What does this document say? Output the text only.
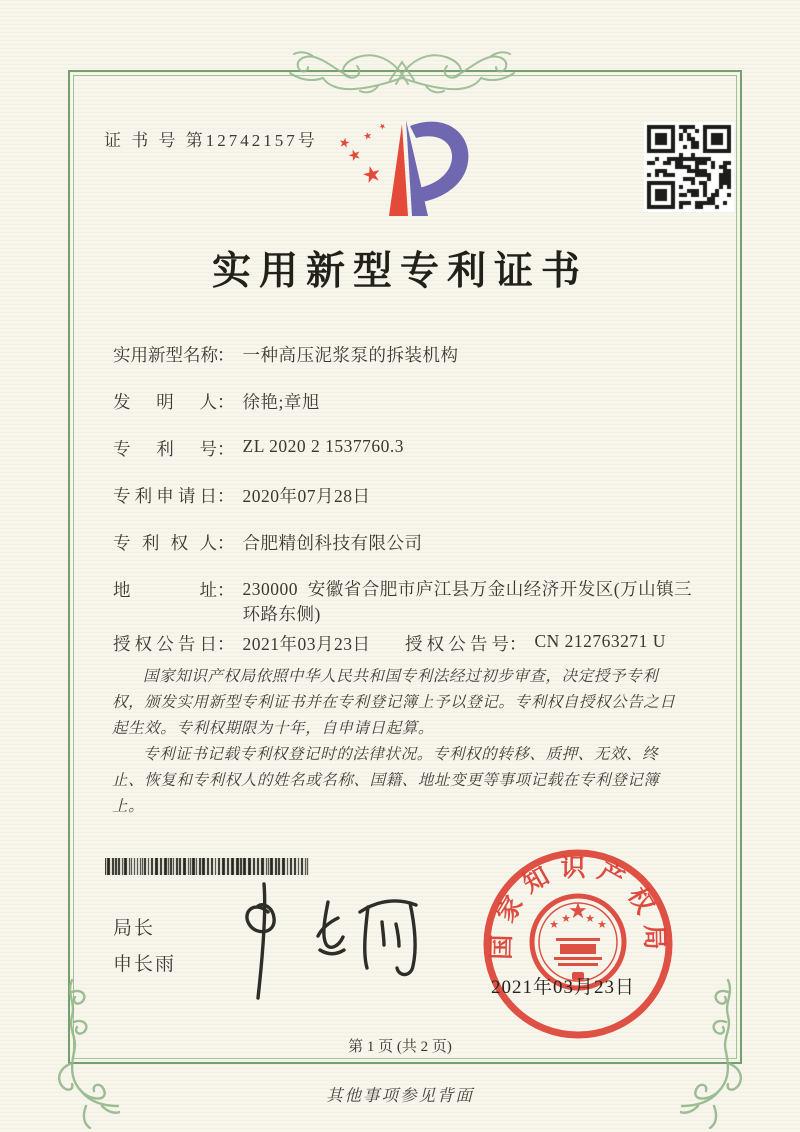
证 书 号 第12742157号
★
★
★ ★
★
实用新型专利证书
实用新型名称： 一种高压泥浆泵的拆装机构
发明人： 徐艳;章旭
专利号： ZL 2020 2 1537760.3
专利申请日： 2020年07月28日
专利权人： 合肥精创科技有限公司
地址： 230000  安徽省合肥市庐江县万金山经济开发区(万山镇三环路东侧)
授权公告日： 2021年03月23日 授权公告号： CN 212763271 U

国家知识产权局依照中华人民共和国专利法经过初步审查，决定授予专利权，颁发实用新型专利证书并在专利登记簿上予以登记。专利权自授权公告之日起生效。专利权期限为十年，自申请日起算。

专利证书记载专利权登记时的法律状况。专利权的转移、质押、无效、终止、恢复和专利权人的姓名或名称、国籍、地址变更等事项记载在专利登记簿上。

局长
申长雨
国家知识产权局
★
★ ★ ★ ★
2021年03月23日
第 1 页 (共 2 页)
其他事项参见背面
